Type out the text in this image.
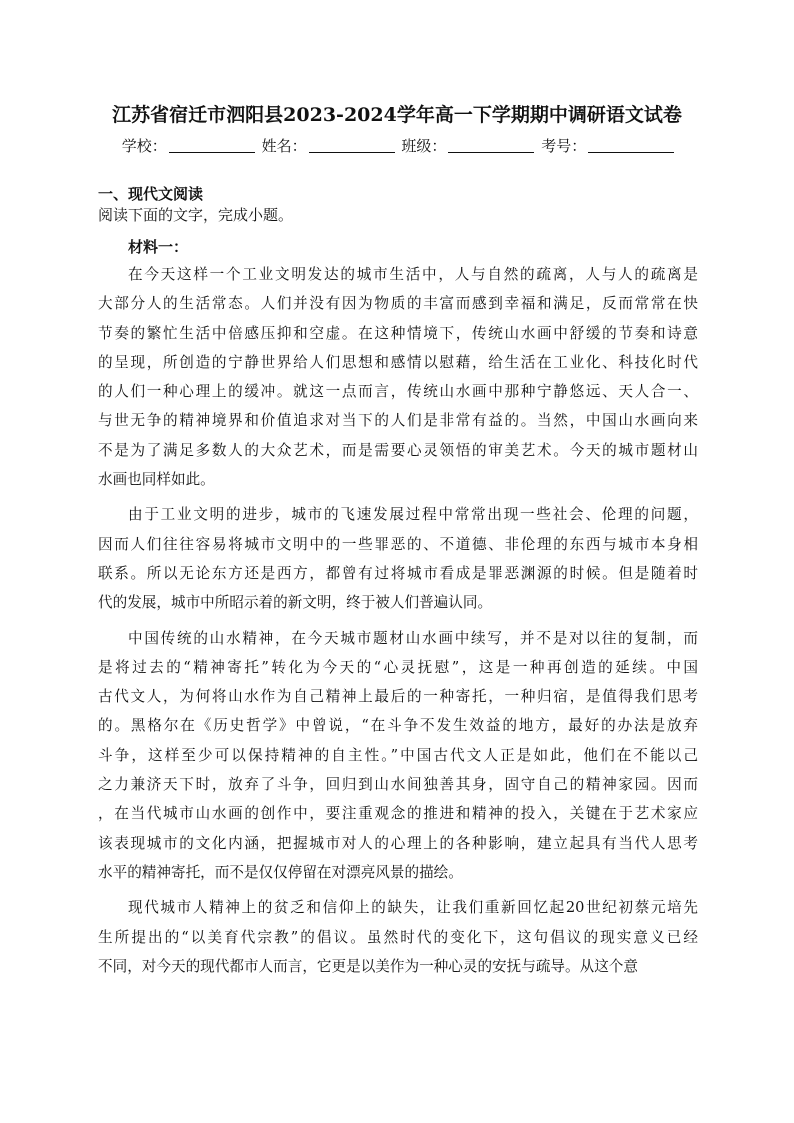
江苏省宿迁市泗阳县2023-2024学年高一下学期期中调研语文试卷
学校：	姓名：	班级：	考号：
一、现代文阅读
阅读下面的文字，完成小题。
材料一：
在今天这样一个工业文明发达的城市生活中，人与自然的疏离，人与人的疏离是
大部分人的生活常态。人们并没有因为物质的丰富而感到幸福和满足，反而常常在快
节奏的繁忙生活中倍感压抑和空虚。在这种情境下，传统山水画中舒缓的节奏和诗意
的呈现，所创造的宁静世界给人们思想和感情以慰藉，给生活在工业化、科技化时代
的人们一种心理上的缓冲。就这一点而言，传统山水画中那种宁静悠远、天人合一、
与世无争的精神境界和价值追求对当下的人们是非常有益的。当然，中国山水画向来
不是为了满足多数人的大众艺术，而是需要心灵领悟的审美艺术。今天的城市题材山
水画也同样如此。
由于工业文明的进步，城市的飞速发展过程中常常出现一些社会、伦理的问题，
因而人们往往容易将城市文明中的一些罪恶的、不道德、非伦理的东西与城市本身相
联系。所以无论东方还是西方，都曾有过将城市看成是罪恶渊源的时候。但是随着时
代的发展，城市中所昭示着的新文明，终于被人们普遍认同。
中国传统的山水精神，在今天城市题材山水画中续写，并不是对以往的复制，而
是将过去的“精神寄托”转化为今天的“心灵抚慰”，这是一种再创造的延续。中国
古代文人，为何将山水作为自己精神上最后的一种寄托，一种归宿，是值得我们思考
的。黑格尔在《历史哲学》中曾说，“在斗争不发生效益的地方，最好的办法是放弃
斗争，这样至少可以保持精神的自主性。”中国古代文人正是如此，他们在不能以己
之力兼济天下时，放弃了斗争，回归到山水间独善其身，固守自己的精神家园。因而
，在当代城市山水画的创作中，要注重观念的推进和精神的投入，关键在于艺术家应
该表现城市的文化内涵，把握城市对人的心理上的各种影响，建立起具有当代人思考
水平的精神寄托，而不是仅仅停留在对漂亮风景的描绘。
现代城市人精神上的贫乏和信仰上的缺失，让我们重新回忆起20世纪初蔡元培先
生所提出的“以美育代宗教”的倡议。虽然时代的变化下，这句倡议的现实意义已经
不同，对今天的现代都市人而言，它更是以美作为一种心灵的安抚与疏导。从这个意
